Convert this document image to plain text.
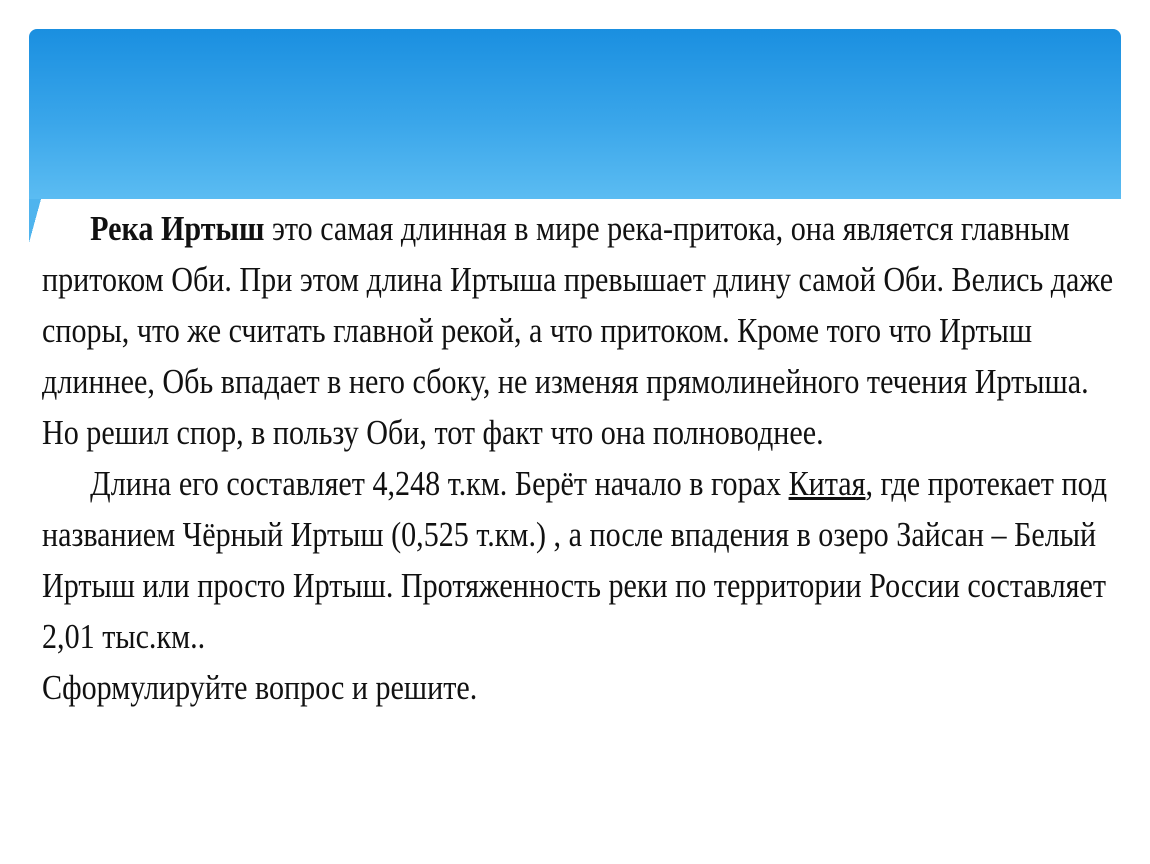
Река Иртыш это самая длинная в мире река-притока, она является главным притоком Оби. При этом длина Иртыша превышает длину самой Оби. Велись даже споры, что же считать главной рекой, а что притоком. Кроме того что Иртыш длиннее, Обь впадает в него сбоку, не изменяя прямолинейного течения Иртыша. Но решил спор, в пользу Оби, тот факт что она полноводнее.

Длина его составляет 4,248 т.км. Берёт начало в горах Китая, где протекает под названием Чёрный Иртыш (0,525 т.км.) , а после впадения в озеро Зайсан – Белый Иртыш или просто Иртыш. Протяженность реки по территории России составляет 2,01 тыс.км..

Сформулируйте вопрос и решите.
